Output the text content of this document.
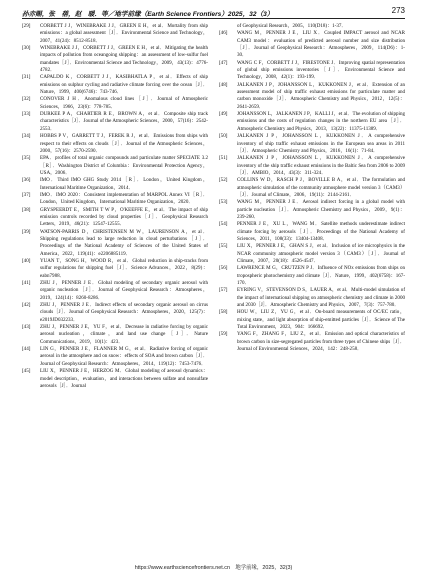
孙赤赐，张　蓓，赵　暖．等／地学前缘（Earth Science Frontiers）2025，32（3）	273
[29] CORBETT J J，WINEBRAKE J J，GREEN E H，et al．Mortality from ship emissions：a global assessment［J］．Environmental Science and Technology，2007，41(24)：8512-8518．
[30] WINEBRAKE J J，CORBETT J J，GREEN E H，et al．Mitigating the health impacts of pollution from oceangoing shipping：an assessment of low-sulfur fuel mandates［J］．Environmental Science and Technology，2009，43(13)：4776-4782．
[31] CAPALDO K，CORBETT J J，KASIBHATLA P，et al．Effects of ship emissions on sulphur cycling and radiative climate forcing over the ocean［J］．Nature，1999，400(6746)：743-746．
[32] CONOVER J H．Anomalous cloud lines［J］．Journal of Atmospheric Sciences，1966，23(6)：778-785．
[33] DURKEE P A，CHARTIER R E，BROWN A，et al．Composite ship track characteristics［J］．Journal of the Atmospheric Sciences，2000，57(16)：2542-2553．
[34] HOBBS P V，GARRETT T J，FEREK R J，et al．Emissions from ships with respect to their effects on clouds［J］．Journal of the Atmospheric Sciences，2000，57(16)：2570-2590．
[35] EPA．profiles of total organic compounds and particulate matter SPECIATE 3.2［R］．Washington District of Columbia：Environmental Protection Agency，USA，2006．
[36] IMO．Third IMO GHG Study 2014［R］．London，United Kingdom，International Maritime Organization，2014．
[37] IMO．IMO 2020：Consistent implementation of MARPOL Annex VI［R］．London，United Kingdom，International Maritime Organization，2020．
[38] GRYSPEERDT E，SMITH T W P，O'KEEFFE E，et al．The impact of ship emission controls recorded by cloud properties［J］．Geophysical Research Letters，2019，46(21)：12547-12555．
[39] WATSON-PARRIS D，CHRISTENSEN M W，LAURENSON A，et al．Shipping regulations lead to large reduction in cloud perturbations［J］．Proceedings of the National Academy of Sciences of the United States of America，2022，119(41)：e2206885119．
[40] YUAN T，SONG H，WOOD R，et al．Global reduction in ship-tracks from sulfur regulations for shipping fuel［J］．Science Advances，2022，8(29)：eabn7988．
[41] ZHU J，PENNER J E．Global modeling of secondary organic aerosol with organic nucleation［J］．Journal of Geophysical Research：Atmospheres，2019，124(14)：8260-8286．
[42] ZHU J，PENNER J E．Indirect effects of secondary organic aerosol on cirrus clouds［J］．Journal of Geophysical Research：Atmospheres，2020，125(7)：e2019JD032233．
[43] ZHU J，PENNER J E，YU F，et al．Decrease in radiative forcing by organic aerosol nucleation，climate，and land use change［J］．Nature Communications，2019，10(1)：423．
[44] LIN G，PENNER J E，FLANNER M G，et al．Radiative forcing of organic aerosol in the atmosphere and on snow：effects of SOA and brown carbon［J］．Journal of Geophysical Research：Atmospheres，2014，119(12)：7453-7476．
[45] LIU X，PENNER J E，HERZOG M．Global modeling of aerosol dynamics：model description，evaluation，and interactions between sulfate and nonsulfate aerosols［J］．Journal
of Geophysical Research，2005，110(D18)：1-37．
[46] WANG M，PENNER J E，LIU X．Coupled IMPACT aerosol and NCAR CAM3 model：evaluation of predicted aerosol number and size distribution［J］．Journal of Geophysical Research：Atmospheres，2009，114(D6)：1-30．
[47] WANG C F，CORBETT J J，FIRESTONE J．Improving spatial representation of global ship emissions inventories［J］．Environmental Science and Technology，2008，42(1)：193-199．
[48] JALKANEN J P，JOHANSSON L，KUKKONEN J，et al．Extension of an assessment model of ship traffic exhaust emissions for particulate matter and carbon monoxide［J］．Atmospheric Chemistry and Physics，2012，12(5)：2641-2659．
[49] JOHANSSON L，JALKANEN J P，KALLI J，et al．The evolution of shipping emissions and the costs of regulation changes in the northern EU area［J］．Atmospheric Chemistry and Physics，2013，13(22)：11375-11389．
[50] JALKANEN J P，JOHANSSON L，KUKKONEN J．A comprehensive inventory of ship traffic exhaust emissions in the European sea areas in 2011［J］．Atmospheric Chemistry and Physics，2016，16(1)：71-84．
[51] JALKANEN J P，JOHANSSON L，KUKKONEN J．A comprehensive inventory of the ship traffic exhaust emissions in the Baltic Sea from 2006 to 2009［J］．AMBIO，2014，43(3)：311-324．
[52] COLLINS W D，RASCH P J，BOVILLE B A，et al．The formulation and atmospheric simulation of the community atmosphere model version 3（CAM3）［J］．Journal of Climate，2006，19(11)：2144-2161．
[53] WANG M，PENNER J E．Aerosol indirect forcing in a global model with particle nucleation［J］．Atmospheric Chemistry and Physics，2009，9(1)：239-260．
[54] PENNER J E，XU L，WANG M．Satellite methods underestimate indirect climate forcing by aerosols［J］．Proceedings of the National Academy of Sciences，2011，108(33)：13404-13408．
[55] LIU X，PENNER J E，GHAN S J，et al．Inclusion of ice microphysics in the NCAR community atmospheric model version 3（CAM3）［J］．Journal of Climate，2007，20(18)：4526-4547．
[56] LAWRENCE M G，CRUTZEN P J．Influence of NOx emissions from ships on tropospheric photochemistry and climate［J］．Nature，1999，402(6758)：167-170．
[57] EYRING V，STEVENSON D S，LAUER A，et al．Multi-model simulation of the impact of international shipping on atmospheric chemistry and climate in 2000 and 2030［J］．Atmospheric Chemistry and Physics，2007，7(3)：757-780．
[58] HOU W，LIU Z，YU G，et al．On-board measurements of OC/EC ratio，mixing state，and light absorption of ship-emitted particles［J］．Science of The Total Environment，2023，904：166692．
[59] YANG F，ZHANG F，LIU Z，et al．Emission and optical characteristics of brown carbon in size-segregated particles from three types of Chinese ships［J］．Journal of Environmental Sciences，2024，142：248-258．
https://www.earthsciencefrontiers.net.cn　地学前缘，2025，32(3)
